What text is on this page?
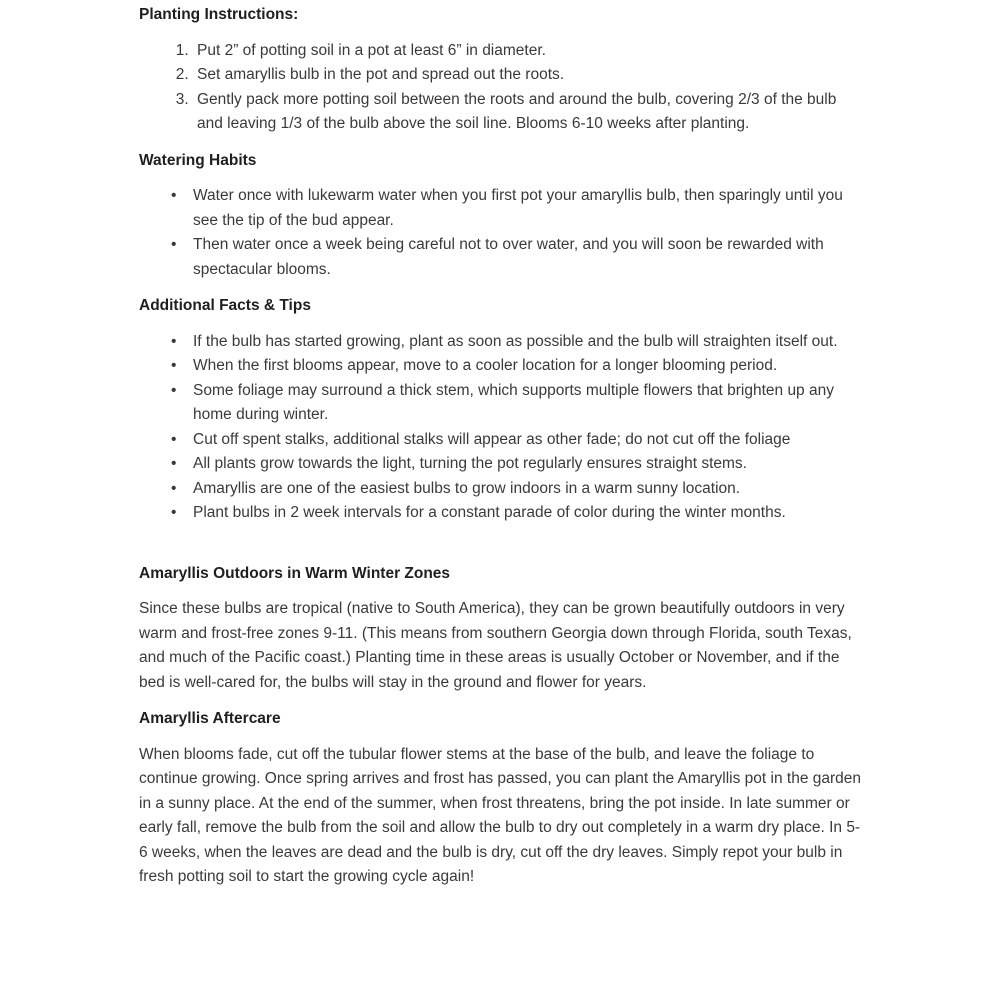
Planting Instructions:
1. Put 2” of potting soil in a pot at least 6” in diameter.
2. Set amaryllis bulb in the pot and spread out the roots.
3. Gently pack more potting soil between the roots and around the bulb, covering 2/3 of the bulb and leaving 1/3 of the bulb above the soil line. Blooms 6-10 weeks after planting.
Watering Habits
• Water once with lukewarm water when you first pot your amaryllis bulb, then sparingly until you see the tip of the bud appear.
• Then water once a week being careful not to over water, and you will soon be rewarded with spectacular blooms.
Additional Facts & Tips
• If the bulb has started growing, plant as soon as possible and the bulb will straighten itself out.
• When the first blooms appear, move to a cooler location for a longer blooming period.
• Some foliage may surround a thick stem, which supports multiple flowers that brighten up any home during winter.
• Cut off spent stalks, additional stalks will appear as other fade; do not cut off the foliage
• All plants grow towards the light, turning the pot regularly ensures straight stems.
• Amaryllis are one of the easiest bulbs to grow indoors in a warm sunny location.
• Plant bulbs in 2 week intervals for a constant parade of color during the winter months.
Amaryllis Outdoors in Warm Winter Zones

Since these bulbs are tropical (native to South America), they can be grown beautifully outdoors in very warm and frost-free zones 9-11. (This means from southern Georgia down through Florida, south Texas, and much of the Pacific coast.) Planting time in these areas is usually October or November, and if the bed is well-cared for, the bulbs will stay in the ground and flower for years.

Amaryllis Aftercare

When blooms fade, cut off the tubular flower stems at the base of the bulb, and leave the foliage to continue growing. Once spring arrives and frost has passed, you can plant the Amaryllis pot in the garden in a sunny place. At the end of the summer, when frost threatens, bring the pot inside. In late summer or early fall, remove the bulb from the soil and allow the bulb to dry out completely in a warm dry place. In 5-6 weeks, when the leaves are dead and the bulb is dry, cut off the dry leaves. Simply repot your bulb in fresh potting soil to start the growing cycle again!
